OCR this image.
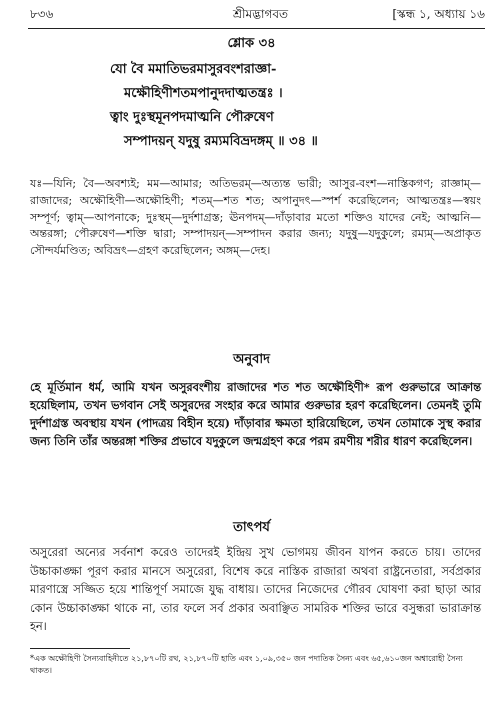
৮৩৬	শ্রীমদ্ভাগবত	[স্কন্ধ ১, অধ্যায় ১৬
শ্লোক ৩৪
যো বৈ মমাতিভরমাসুরবংশরাজ্ঞা-
মক্ষৌহিণীশতমপানুদদাত্মতন্ত্রঃ ।
ত্বাং দুঃস্থমূনপদমাত্মনি পৌরুষেণ
সম্পাদয়ন্ যদুষু রম্যমবিভ্রদঙ্গম্ ॥ ৩৪ ॥
যঃ—যিনি; বৈ—অবশ্যই; মম—আমার; অতিভরম্—অত্যন্ত ভারী; আসুর-বংশ—নাস্তিকগণ; রাজ্ঞাম্—রাজাদের; অক্ষৌহিণী—অক্ষৌহিণী; শতম্—শত শত; অপানুদৎ—স্পর্শ করেছিলেন; আত্মতন্ত্রঃ—স্বয়ং সম্পূর্ণ; ত্বাম্—আপনাকে; দুঃস্থম্—দুর্দশাগ্রস্ত; ঊনপদম্—দাঁড়াবার মতো শক্তিও যাদের নেই; আত্মনি—অন্তরঙ্গা; পৌরুষেণ—শক্তি দ্বারা; সম্পাদয়ন্—সম্পাদন করার জন্য; যদুষু—যদুকুলে; রম্যম্—অপ্রাকৃত সৌন্দর্যমণ্ডিত; অবিভ্রৎ—গ্রহণ করেছিলেন; অঙ্গম্—দেহ।
অনুবাদ
হে মূর্তিমান ধর্ম, আমি যখন অসুরবংশীয় রাজাদের শত শত অক্ষৌহিণী* রূপ গুরুভারে আক্রান্ত হয়েছিলাম, তখন ভগবান সেই অসুরদের সংহার করে আমার গুরুভার হরণ করেছিলেন। তেমনই তুমি দুর্দশাগ্রস্ত অবস্থায় যখন (পাদত্রয় বিহীন হয়ে) দাঁড়াবার ক্ষমতা হারিয়েছিলে, তখন তোমাকে সুস্থ করার জন্য তিনি তাঁর অন্তরঙ্গা শক্তির প্রভাবে যদুকুলে জন্মগ্রহণ করে পরম রমণীয় শরীর ধারণ করেছিলেন।
তাৎপর্য
অসুরেরা অন্যের সর্বনাশ করেও তাদেরই ইন্দ্রিয় সুখ ভোগময় জীবন যাপন করতে চায়। তাদের উচ্চাকাঙ্ক্ষা পূরণ করার মানসে অসুরেরা, বিশেষ করে নাস্তিক রাজারা অথবা রাষ্ট্রনেতারা, সর্বপ্রকার মারণাস্ত্রে সজ্জিত হয়ে শান্তিপূর্ণ সমাজে যুদ্ধ বাধায়। তাদের নিজেদের গৌরব ঘোষণা করা ছাড়া আর কোন উচ্চাকাঙ্ক্ষা থাকে না, তার ফলে সর্ব প্রকার অবাঞ্ছিত সামরিক শক্তির ভারে বসুন্ধরা ভারাক্রান্ত হন।
*এক অক্ষৌহিণী সৈন্যবাহিনীতে ২১,৮৭০টি রথ, ২১,৮৭০টি হাতি এবং ১,০৯,৩৫০ জন পদাতিক সৈন্য এবং ৬৫,৬১০জন অশ্বারোহী সৈন্য থাকত।
